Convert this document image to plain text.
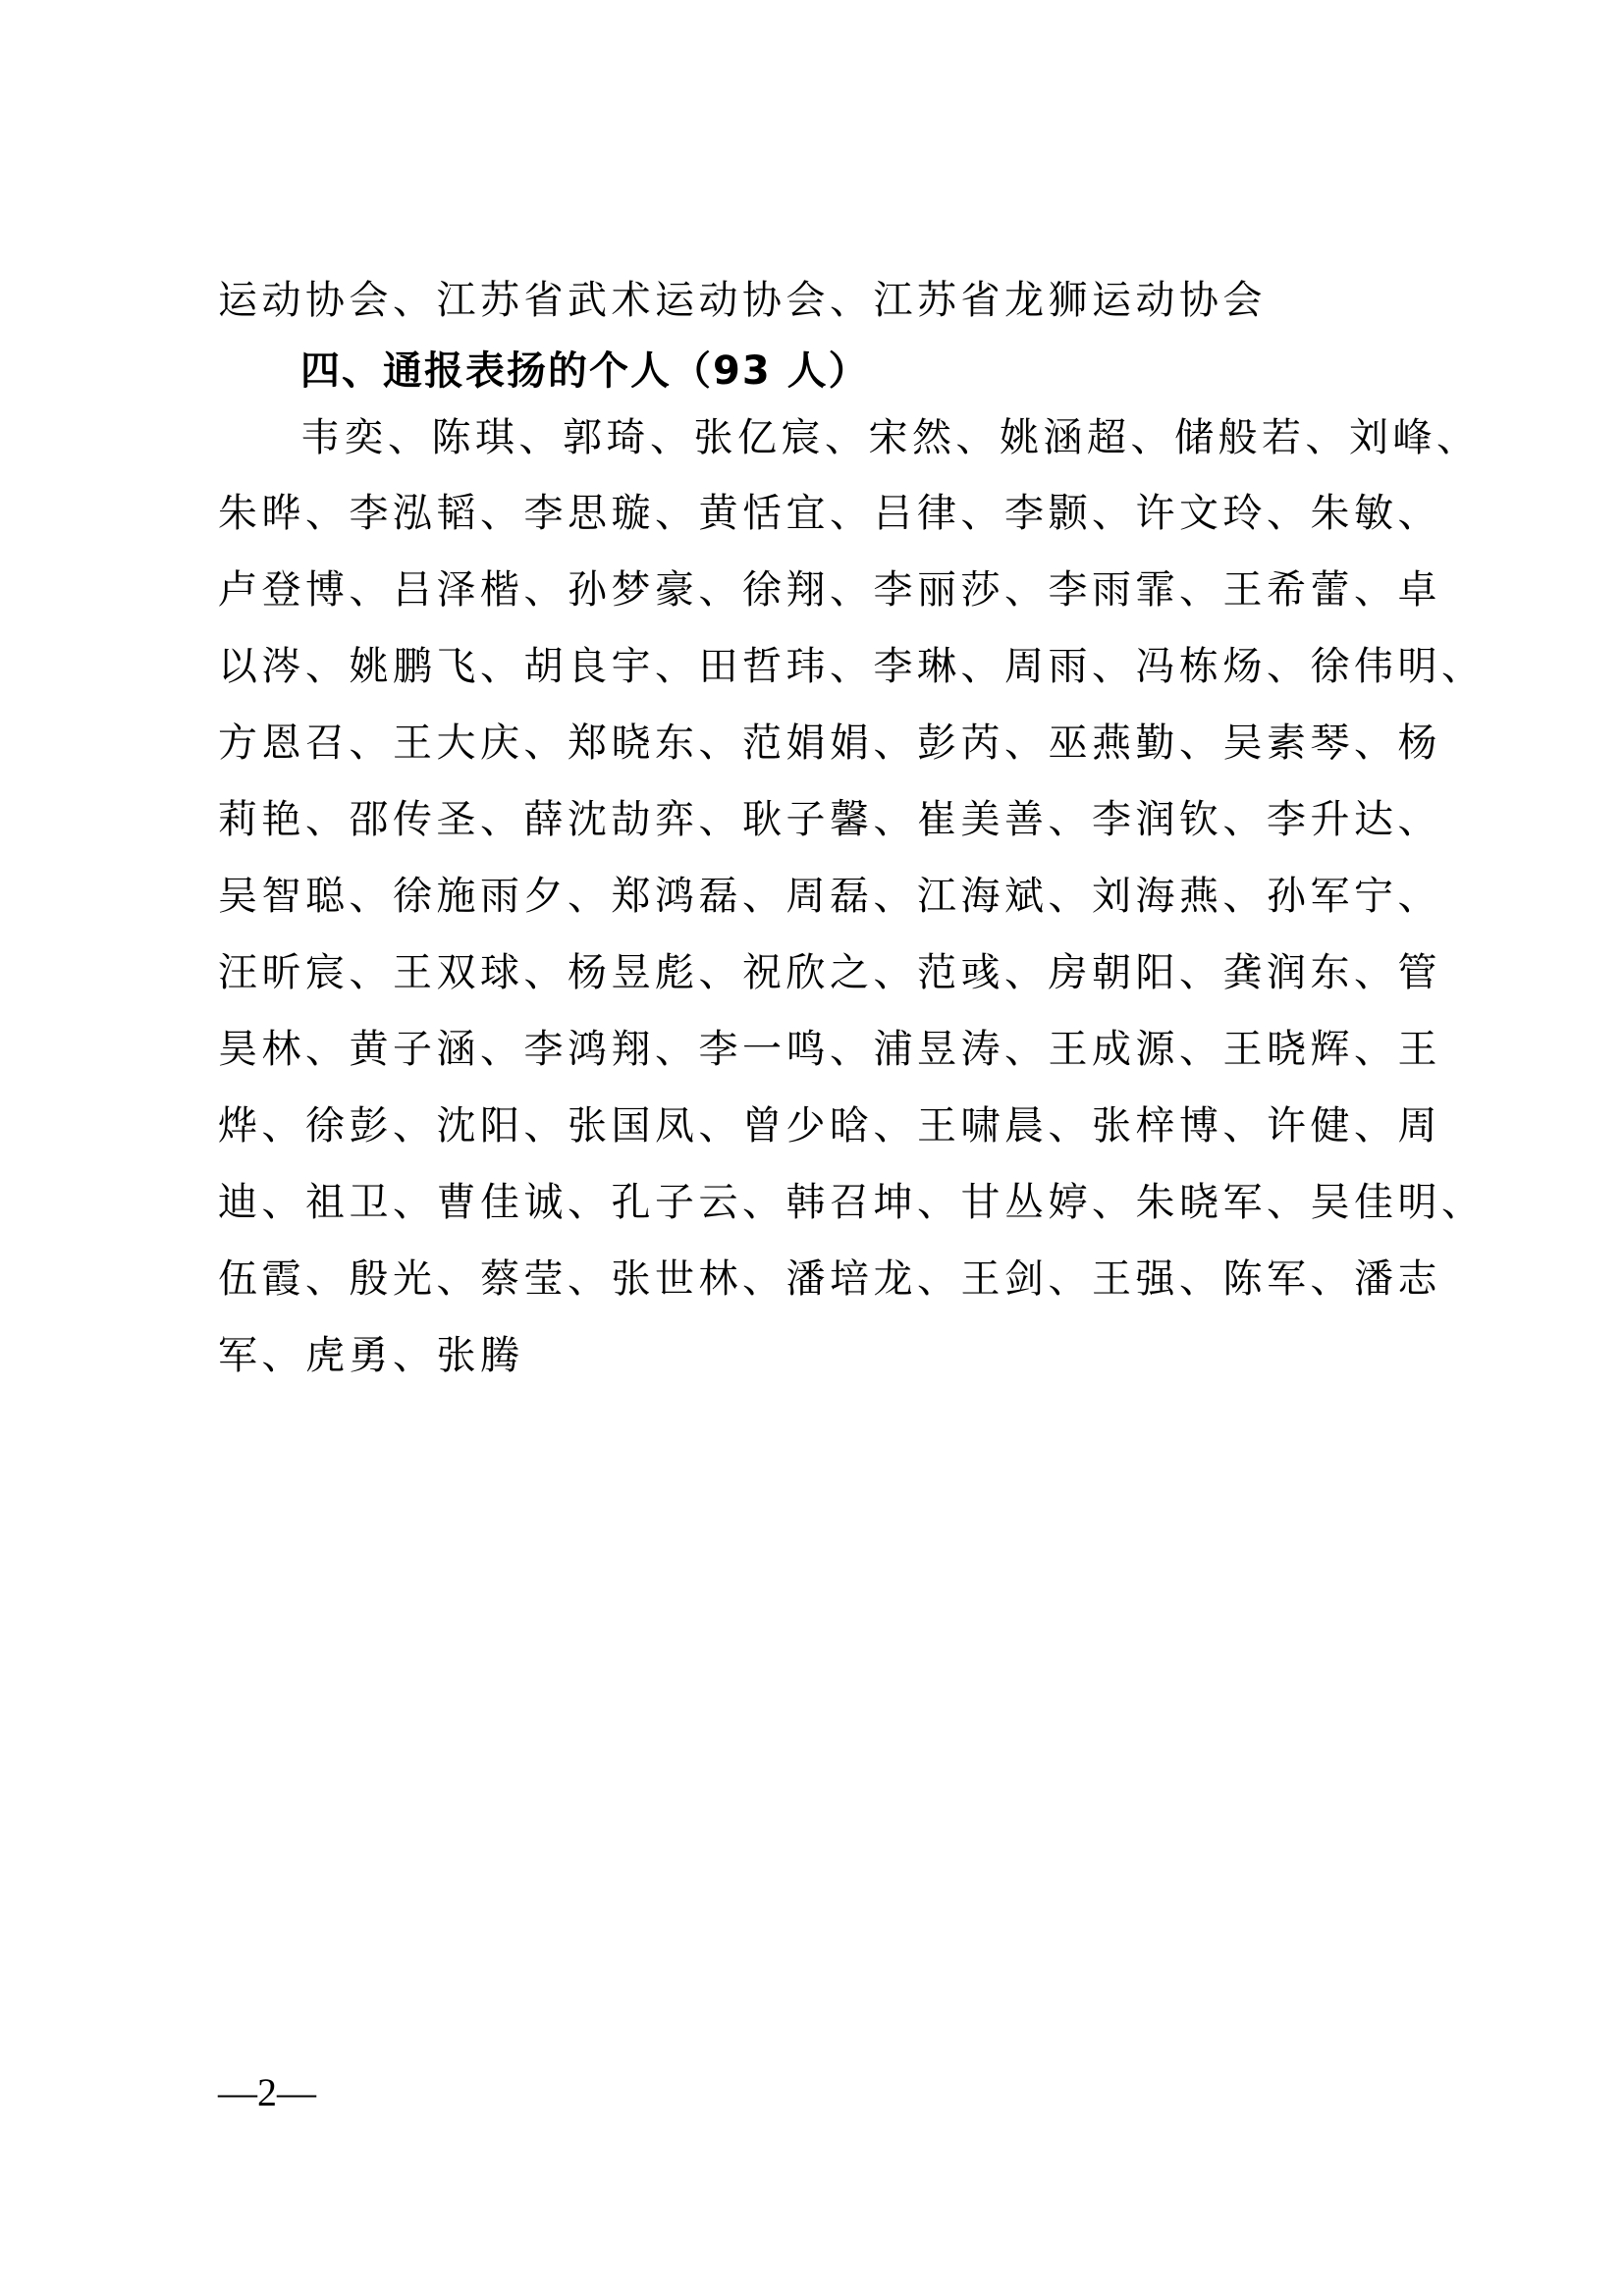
运动协会、江苏省武术运动协会、江苏省龙狮运动协会
四、通报表扬的个人（93 人）
韦奕、陈琪、郭琦、张亿宸、宋然、姚涵超、储般若、刘峰、
朱晔、李泓韬、李思璇、黄恬宜、吕律、李颢、许文玲、朱敏、
卢登博、吕泽楷、孙梦豪、徐翔、李丽莎、李雨霏、王希蕾、卓
以涔、姚鹏飞、胡良宇、田哲玮、李琳、周雨、冯栋炀、徐伟明、
方恩召、王大庆、郑晓东、范娟娟、彭芮、巫燕勤、吴素琴、杨
莉艳、邵传圣、薛沈劼弈、耿子馨、崔美善、李润钦、李升达、
吴智聪、徐施雨夕、郑鸿磊、周磊、江海斌、刘海燕、孙军宁、
汪昕宸、王双球、杨昱彪、祝欣之、范彧、房朝阳、龚润东、管
昊林、黄子涵、李鸿翔、李一鸣、浦昱涛、王成源、王晓辉、王
烨、徐彭、沈阳、张国凤、曾少晗、王啸晨、张梓博、许健、周
迪、祖卫、曹佳诚、孔子云、韩召坤、甘丛婷、朱晓军、吴佳明、
伍霞、殷光、蔡莹、张世林、潘培龙、王剑、王强、陈军、潘志
军、虎勇、张腾
—2—
